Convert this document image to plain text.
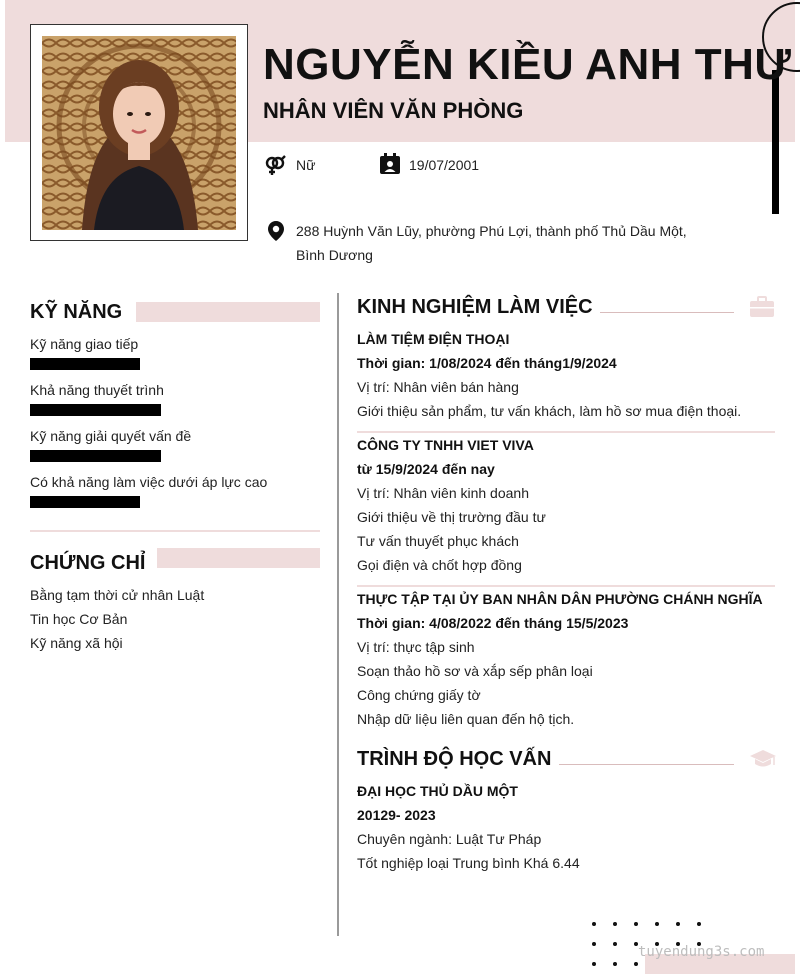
NGUYỄN KIỀU ANH THƯ
NHÂN VIÊN VĂN PHÒNG
Nữ	19/07/2001
288 Huỳnh Văn Lũy, phường Phú Lợi, thành phố Thủ Dầu Một,
Bình Dương
KỸ NĂNG
Kỹ năng giao tiếp
Khả năng thuyết trình
Kỹ năng giải quyết vấn đề
Có khả năng làm việc dưới áp lực cao
CHỨNG CHỈ
Bằng tạm thời cử nhân Luật
Tin học Cơ Bản
Kỹ năng xã hội
KINH NGHIỆM LÀM VIỆC
LÀM TIỆM ĐIỆN THOẠI
Thời gian: 1/08/2024 đến tháng1/9/2024
Vị trí: Nhân viên bán hàng
Giới thiệu sản phẩm, tư vấn khách, làm hồ sơ mua điện thoại.
CÔNG TY TNHH VIET VIVA
từ 15/9/2024 đến nay
Vị trí: Nhân viên kinh doanh
Giới thiệu về thị trường đầu tư
Tư vấn thuyết phục khách
Gọi điện và chốt hợp đồng
THỰC TẬP TẠI ỦY BAN NHÂN DÂN PHƯỜNG CHÁNH NGHĨA
Thời gian: 4/08/2022 đến tháng 15/5/2023
Vị trí: thực tập sinh
Soạn thảo hồ sơ và xắp sếp phân loại
Công chứng giấy tờ
Nhập dữ liệu liên quan đến hộ tịch.
TRÌNH ĐỘ HỌC VẤN
ĐẠI HỌC THỦ DẦU MỘT
20129- 2023
Chuyên ngành: Luật Tư Pháp
Tốt nghiệp loại Trung bình Khá 6.44
tuyendung3s.com
